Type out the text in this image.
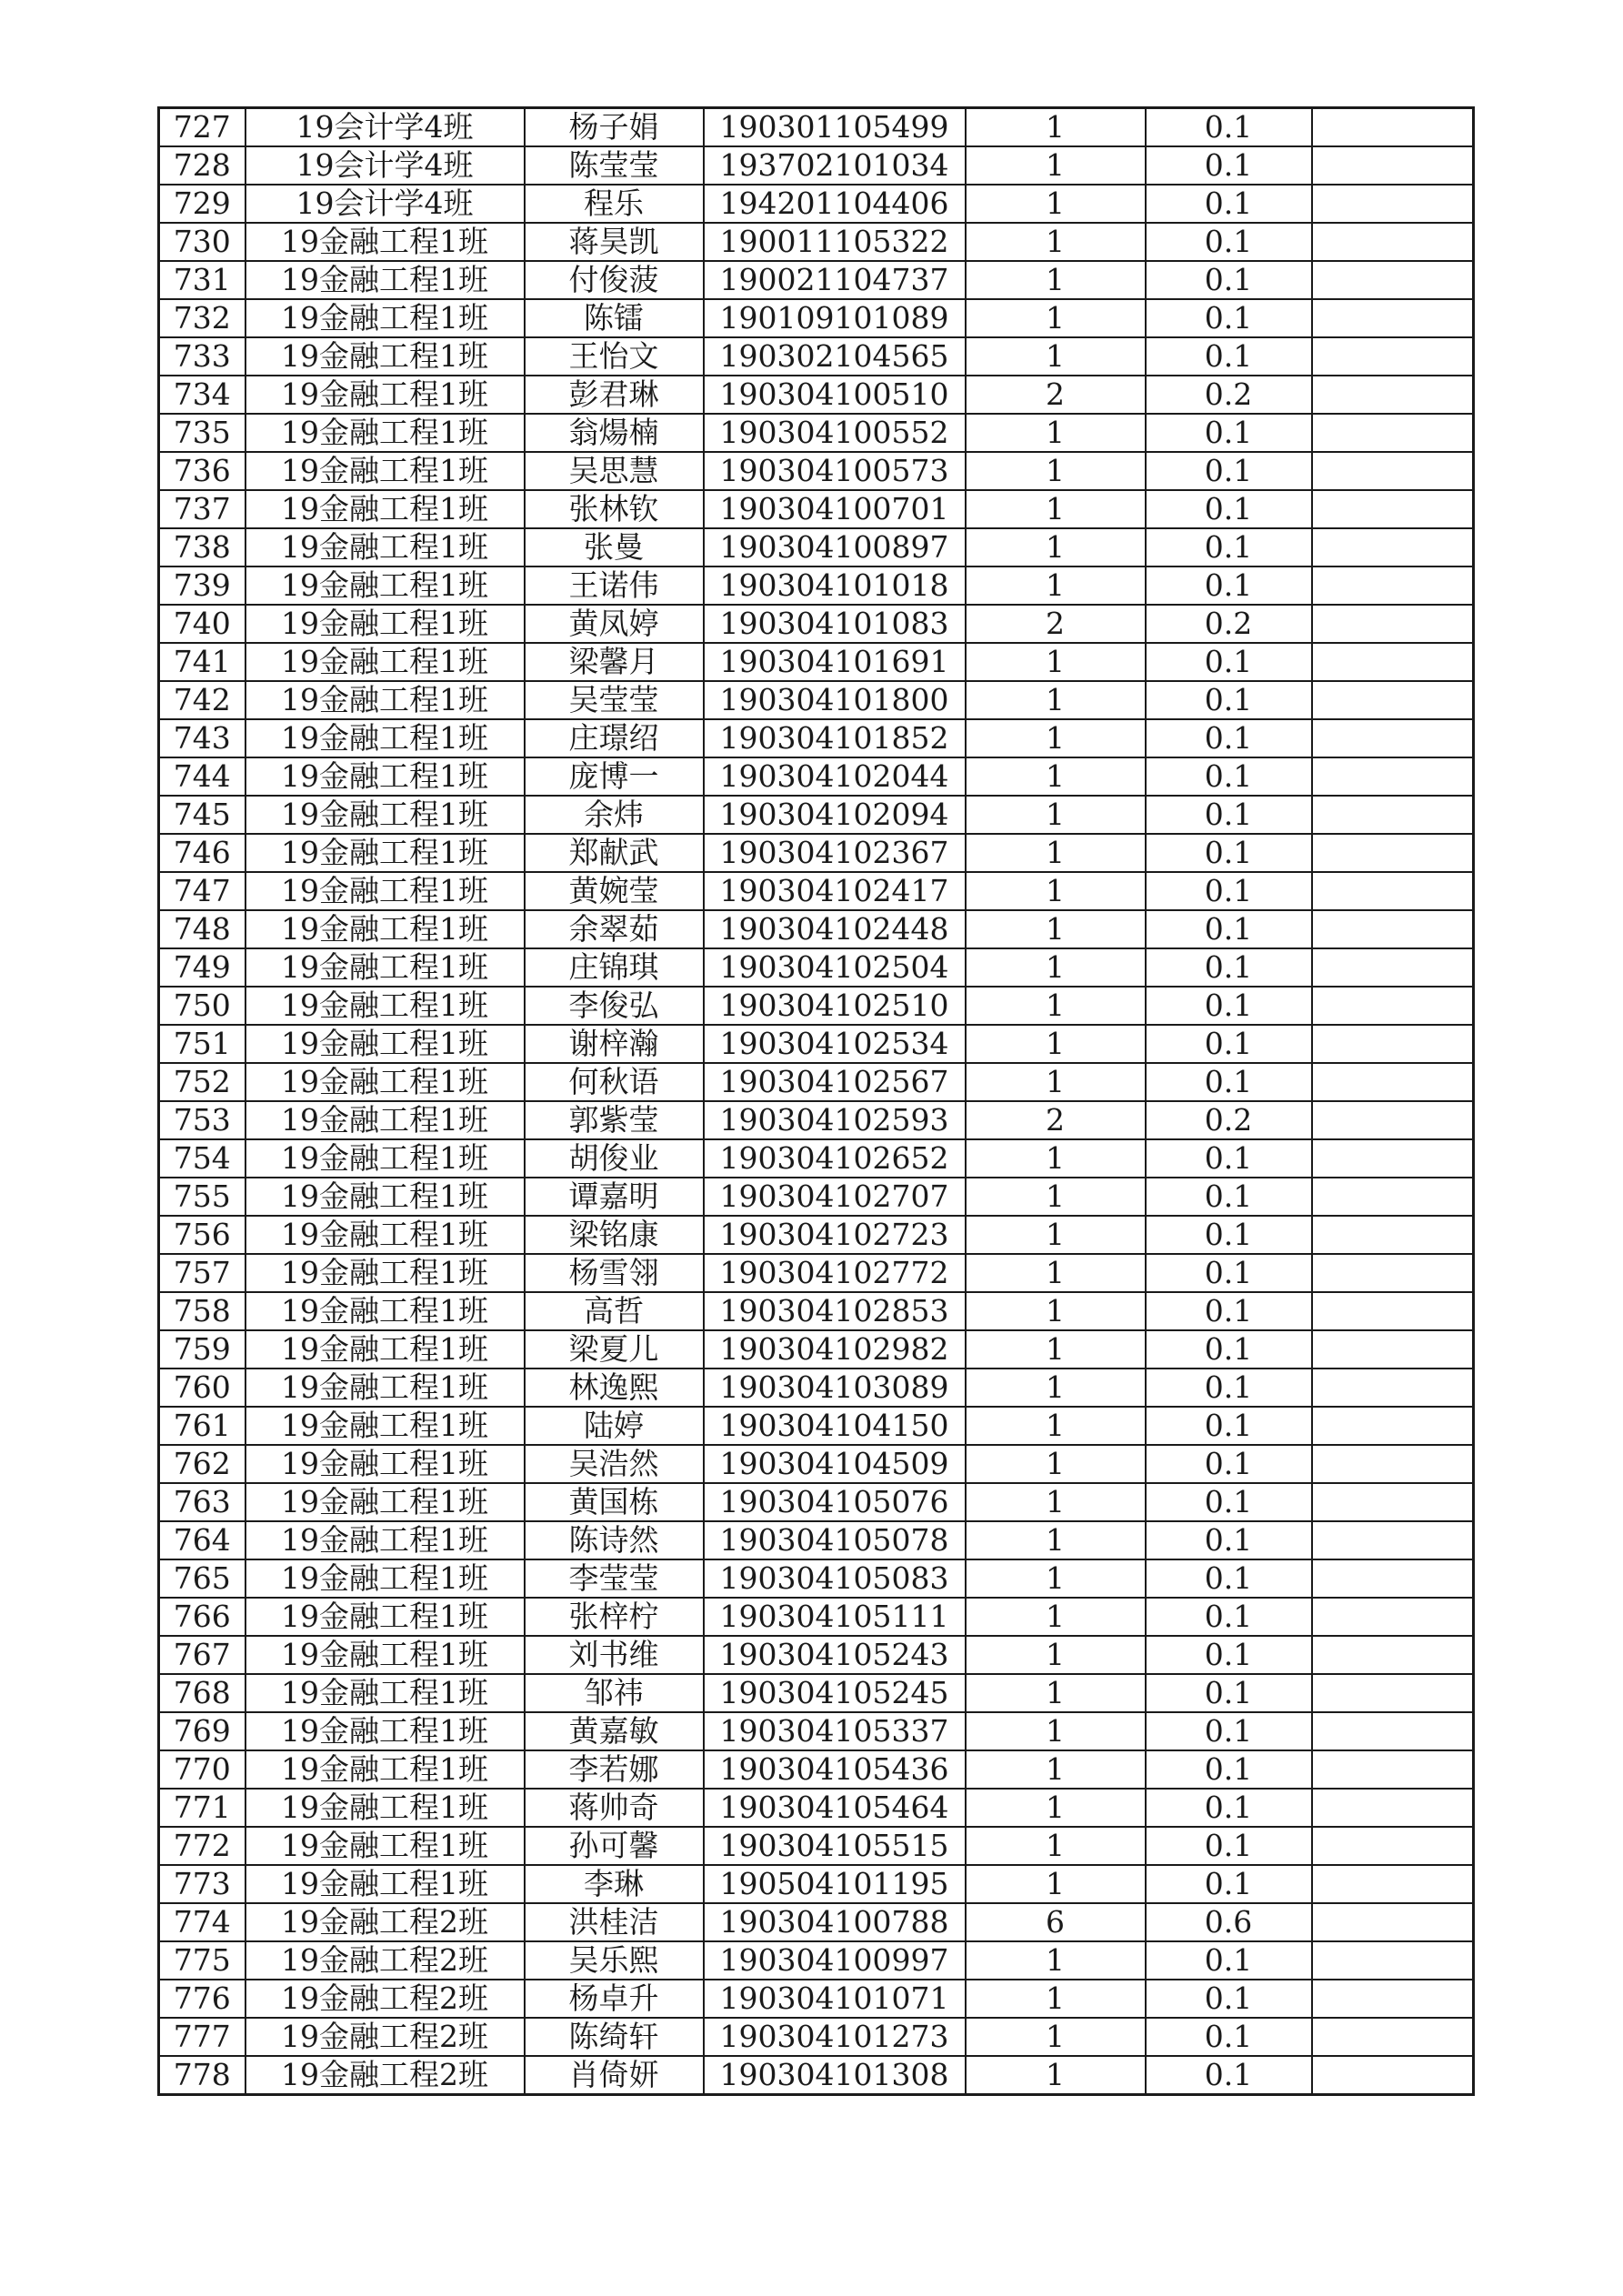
727	19会计学4班	杨子娟	190301105499	1	0.1	
728	19会计学4班	陈莹莹	193702101034	1	0.1	
729	19会计学4班	程乐	194201104406	1	0.1	
730	19金融工程1班	蒋昊凯	190011105322	1	0.1	
731	19金融工程1班	付俊菠	190021104737	1	0.1	
732	19金融工程1班	陈镭	190109101089	1	0.1	
733	19金融工程1班	王怡文	190302104565	1	0.1	
734	19金融工程1班	彭君琳	190304100510	2	0.2	
735	19金融工程1班	翁煬楠	190304100552	1	0.1	
736	19金融工程1班	吴思慧	190304100573	1	0.1	
737	19金融工程1班	张林钦	190304100701	1	0.1	
738	19金融工程1班	张曼	190304100897	1	0.1	
739	19金融工程1班	王诺伟	190304101018	1	0.1	
740	19金融工程1班	黄凤婷	190304101083	2	0.2	
741	19金融工程1班	梁馨月	190304101691	1	0.1	
742	19金融工程1班	吴莹莹	190304101800	1	0.1	
743	19金融工程1班	庄璟绍	190304101852	1	0.1	
744	19金融工程1班	庞博一	190304102044	1	0.1	
745	19金融工程1班	余炜	190304102094	1	0.1	
746	19金融工程1班	郑献武	190304102367	1	0.1	
747	19金融工程1班	黄婉莹	190304102417	1	0.1	
748	19金融工程1班	余翠茹	190304102448	1	0.1	
749	19金融工程1班	庄锦琪	190304102504	1	0.1	
750	19金融工程1班	李俊弘	190304102510	1	0.1	
751	19金融工程1班	谢梓瀚	190304102534	1	0.1	
752	19金融工程1班	何秋语	190304102567	1	0.1	
753	19金融工程1班	郭紫莹	190304102593	2	0.2	
754	19金融工程1班	胡俊业	190304102652	1	0.1	
755	19金融工程1班	谭嘉明	190304102707	1	0.1	
756	19金融工程1班	梁铭康	190304102723	1	0.1	
757	19金融工程1班	杨雪翎	190304102772	1	0.1	
758	19金融工程1班	高哲	190304102853	1	0.1	
759	19金融工程1班	梁夏儿	190304102982	1	0.1	
760	19金融工程1班	林逸熙	190304103089	1	0.1	
761	19金融工程1班	陆婷	190304104150	1	0.1	
762	19金融工程1班	吴浩然	190304104509	1	0.1	
763	19金融工程1班	黄国栋	190304105076	1	0.1	
764	19金融工程1班	陈诗然	190304105078	1	0.1	
765	19金融工程1班	李莹莹	190304105083	1	0.1	
766	19金融工程1班	张梓柠	190304105111	1	0.1	
767	19金融工程1班	刘书维	190304105243	1	0.1	
768	19金融工程1班	邹祎	190304105245	1	0.1	
769	19金融工程1班	黄嘉敏	190304105337	1	0.1	
770	19金融工程1班	李若娜	190304105436	1	0.1	
771	19金融工程1班	蒋帅奇	190304105464	1	0.1	
772	19金融工程1班	孙可馨	190304105515	1	0.1	
773	19金融工程1班	李琳	190504101195	1	0.1	
774	19金融工程2班	洪桂洁	190304100788	6	0.6	
775	19金融工程2班	吴乐熙	190304100997	1	0.1	
776	19金融工程2班	杨卓升	190304101071	1	0.1	
777	19金融工程2班	陈绮轩	190304101273	1	0.1	
778	19金融工程2班	肖倚妍	190304101308	1	0.1	
